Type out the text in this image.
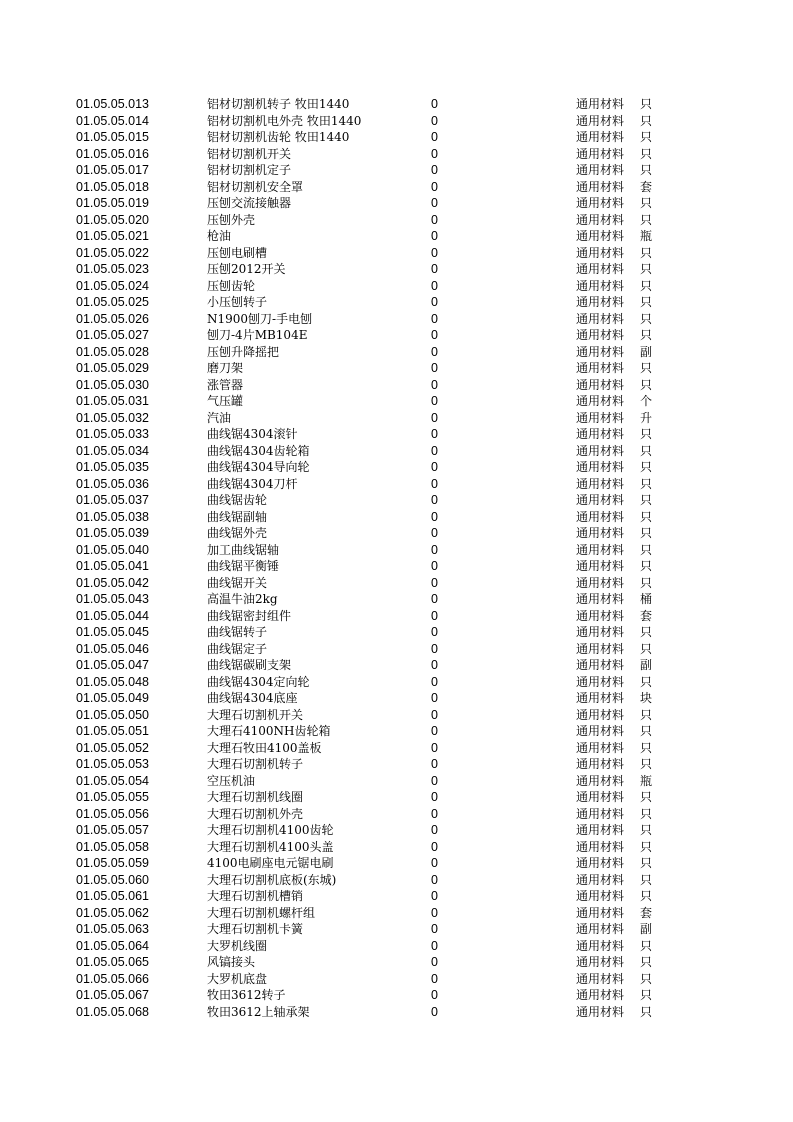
01.05.05.013	铝材切割机转子 牧田1440	0	通用材料 只
01.05.05.014	铝材切割机电外壳 牧田1440	0	通用材料 只
01.05.05.015	铝材切割机齿轮 牧田1440	0	通用材料 只
01.05.05.016	铝材切割机开关	0	通用材料 只
01.05.05.017	铝材切割机定子	0	通用材料 只
01.05.05.018	铝材切割机安全罩	0	通用材料 套
01.05.05.019	压刨交流接触器	0	通用材料 只
01.05.05.020	压刨外壳	0	通用材料 只
01.05.05.021	枪油	0	通用材料 瓶
01.05.05.022	压刨电刷槽	0	通用材料 只
01.05.05.023	压刨2012开关	0	通用材料 只
01.05.05.024	压刨齿轮	0	通用材料 只
01.05.05.025	小压刨转子	0	通用材料 只
01.05.05.026	N1900刨刀-手电刨	0	通用材料 只
01.05.05.027	刨刀-4片MB104E	0	通用材料 只
01.05.05.028	压刨升降摇把	0	通用材料 副
01.05.05.029	磨刀架	0	通用材料 只
01.05.05.030	涨管器	0	通用材料 只
01.05.05.031	气压罐	0	通用材料 个
01.05.05.032	汽油	0	通用材料 升
01.05.05.033	曲线锯4304滚针	0	通用材料 只
01.05.05.034	曲线锯4304齿轮箱	0	通用材料 只
01.05.05.035	曲线锯4304导向轮	0	通用材料 只
01.05.05.036	曲线锯4304刀杆	0	通用材料 只
01.05.05.037	曲线锯齿轮	0	通用材料 只
01.05.05.038	曲线锯副轴	0	通用材料 只
01.05.05.039	曲线锯外壳	0	通用材料 只
01.05.05.040	加工曲线锯轴	0	通用材料 只
01.05.05.041	曲线锯平衡锤	0	通用材料 只
01.05.05.042	曲线锯开关	0	通用材料 只
01.05.05.043	高温牛油2kg	0	通用材料 桶
01.05.05.044	曲线锯密封组件	0	通用材料 套
01.05.05.045	曲线锯转子	0	通用材料 只
01.05.05.046	曲线锯定子	0	通用材料 只
01.05.05.047	曲线锯碳刷支架	0	通用材料 副
01.05.05.048	曲线锯4304定向轮	0	通用材料 只
01.05.05.049	曲线锯4304底座	0	通用材料 块
01.05.05.050	大理石切割机开关	0	通用材料 只
01.05.05.051	大理石4100NH齿轮箱	0	通用材料 只
01.05.05.052	大理石牧田4100盖板	0	通用材料 只
01.05.05.053	大理石切割机转子	0	通用材料 只
01.05.05.054	空压机油	0	通用材料 瓶
01.05.05.055	大理石切割机线圈	0	通用材料 只
01.05.05.056	大理石切割机外壳	0	通用材料 只
01.05.05.057	大理石切割机4100齿轮	0	通用材料 只
01.05.05.058	大理石切割机4100头盖	0	通用材料 只
01.05.05.059	4100电刷座电元锯电刷	0	通用材料 只
01.05.05.060	大理石切割机底板(东城)	0	通用材料 只
01.05.05.061	大理石切割机槽销	0	通用材料 只
01.05.05.062	大理石切割机螺杆组	0	通用材料 套
01.05.05.063	大理石切割机卡簧	0	通用材料 副
01.05.05.064	大罗机线圈	0	通用材料 只
01.05.05.065	风镐接头	0	通用材料 只
01.05.05.066	大罗机底盘	0	通用材料 只
01.05.05.067	牧田3612转子	0	通用材料 只
01.05.05.068	牧田3612上轴承架	0	通用材料 只
